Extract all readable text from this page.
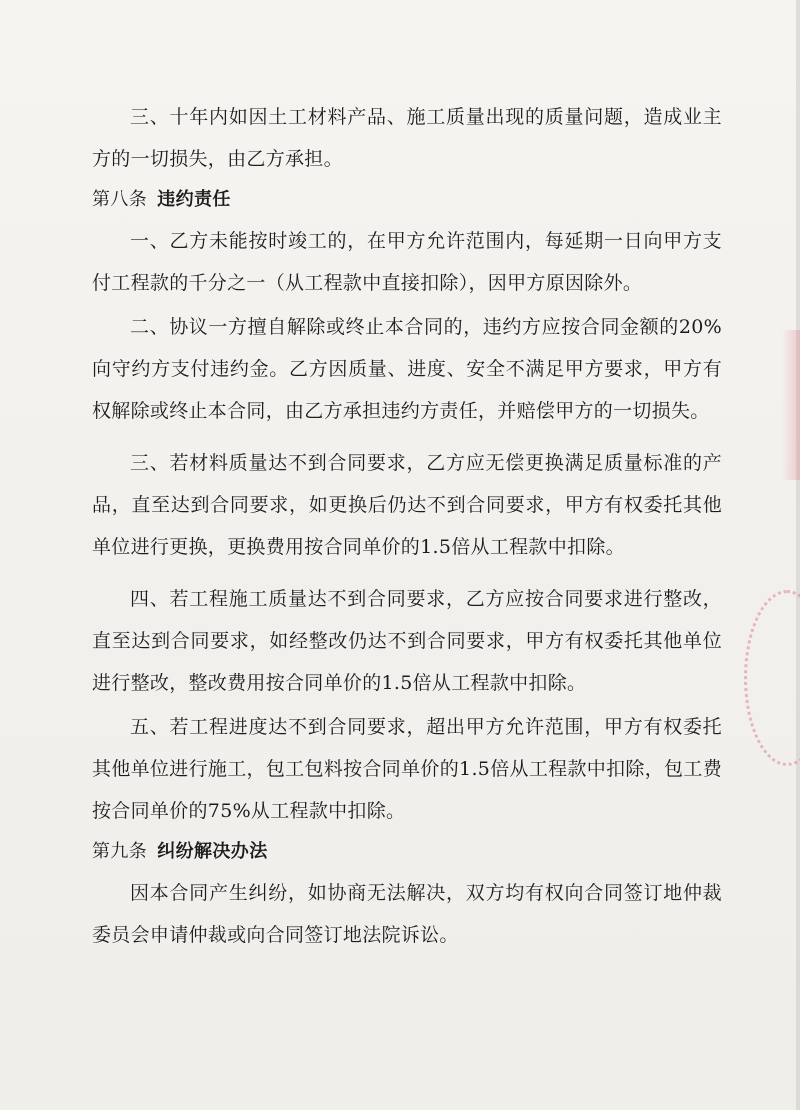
三、十年内如因土工材料产品、施工质量出现的质量问题，造成业主方的一切损失，由乙方承担。

第八条 违约责任

一、乙方未能按时竣工的，在甲方允许范围内，每延期一日向甲方支付工程款的千分之一（从工程款中直接扣除），因甲方原因除外。

二、协议一方擅自解除或终止本合同的，违约方应按合同金额的20%向守约方支付违约金。乙方因质量、进度、安全不满足甲方要求，甲方有权解除或终止本合同，由乙方承担违约方责任，并赔偿甲方的一切损失。

三、若材料质量达不到合同要求，乙方应无偿更换满足质量标准的产品，直至达到合同要求，如更换后仍达不到合同要求，甲方有权委托其他单位进行更换，更换费用按合同单价的1.5倍从工程款中扣除。

四、若工程施工质量达不到合同要求，乙方应按合同要求进行整改，直至达到合同要求，如经整改仍达不到合同要求，甲方有权委托其他单位进行整改，整改费用按合同单价的1.5倍从工程款中扣除。

五、若工程进度达不到合同要求，超出甲方允许范围，甲方有权委托其他单位进行施工，包工包料按合同单价的1.5倍从工程款中扣除，包工费按合同单价的75%从工程款中扣除。

第九条 纠纷解决办法

因本合同产生纠纷，如协商无法解决，双方均有权向合同签订地仲裁委员会申请仲裁或向合同签订地法院诉讼。
